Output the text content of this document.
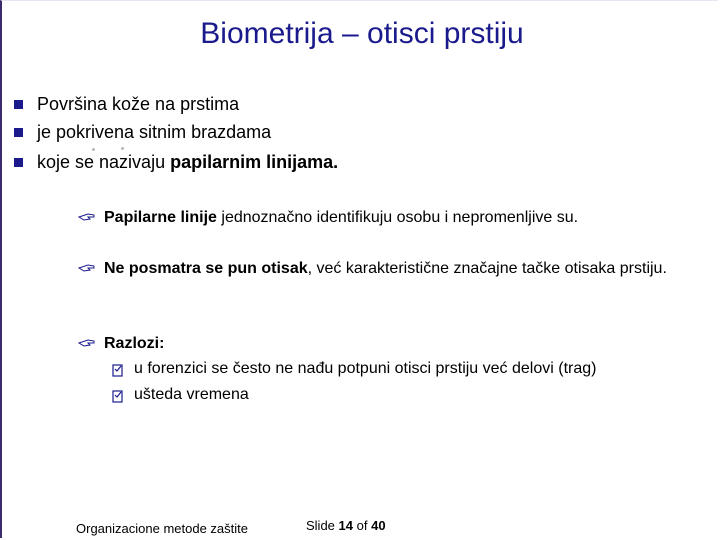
Biometrija – otisci prstiju
Površina kože na prstima
je pokrivena sitnim brazdama
koje se nazivaju papilarnim linijama.
Papilarne linije jednoznačno identifikuju osobu i nepromenljive su.
Ne posmatra se pun otisak, već karakteristične značajne tačke otisaka prstiju.
Razlozi:
u forenzici se često ne nađu potpuni otisci prstiju već delovi (trag)
ušteda vremena
Organizacione metode zaštite	Slide 14 of 40
